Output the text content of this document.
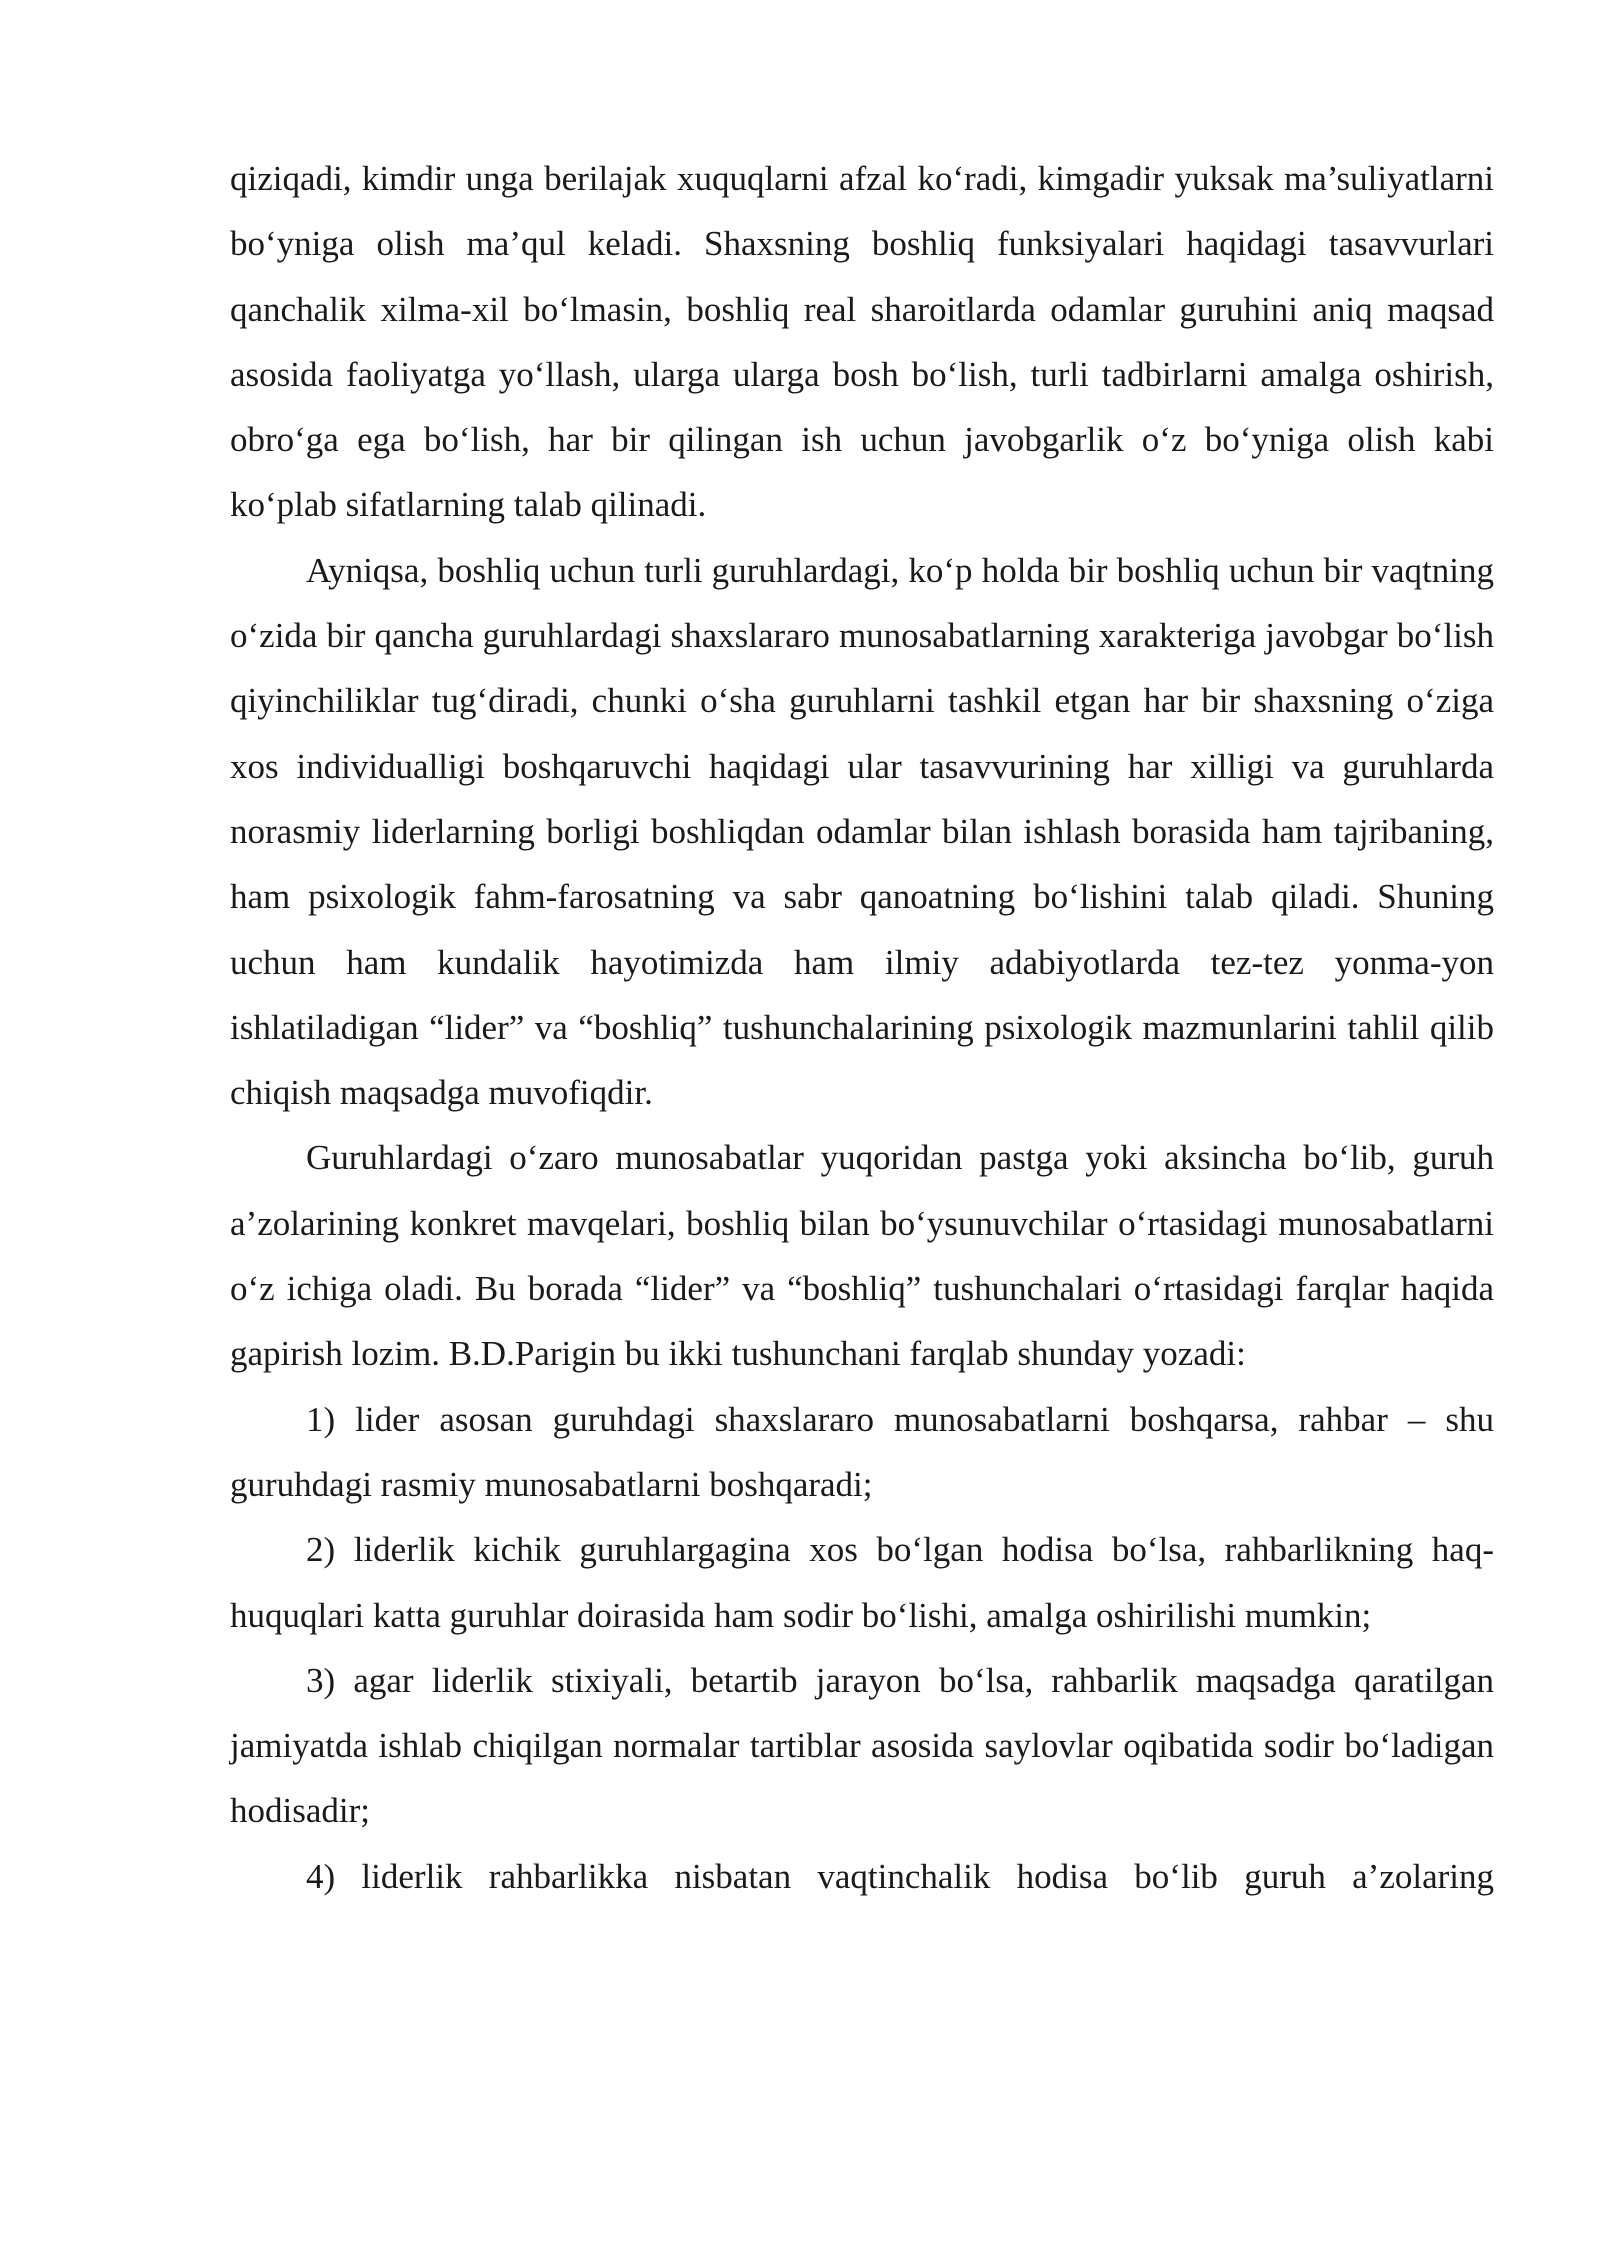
qiziqadi, kimdir unga berilajak xuquqlarni afzal ko‘radi, kimgadir yuksak ma’suliyatlarni bo‘yniga olish ma’qul keladi. Shaxsning boshliq funksiyalari haqidagi tasavvurlari qanchalik xilma-xil bo‘lmasin, boshliq real sharoitlarda odamlar guruhini aniq maqsad asosida faoliyatga yo‘llash, ularga ularga bosh bo‘lish, turli tadbirlarni amalga oshirish, obro‘ga ega bo‘lish, har bir qilingan ish uchun javobgarlik o‘z bo‘yniga olish kabi ko‘plab sifatlarning talab qilinadi.

Ayniqsa, boshliq uchun turli guruhlardagi, ko‘p holda bir boshliq uchun bir vaqtning o‘zida bir qancha guruhlardagi shaxslararo munosabatlarning xarakteriga javobgar bo‘lish qiyinchiliklar tug‘diradi, chunki o‘sha guruhlarni tashkil etgan har bir shaxsning o‘ziga xos individualligi boshqaruvchi haqidagi ular tasavvurining har xilligi va guruhlarda norasmiy liderlarning borligi boshliqdan odamlar bilan ishlash borasida ham tajribaning, ham psixologik fahm-farosatning va sabr qanoatning bo‘lishini talab qiladi. Shuning uchun ham kundalik hayotimizda ham ilmiy adabiyotlarda tez-tez yonma-yon ishlatiladigan “lider” va “boshliq” tushunchalarining psixologik mazmunlarini tahlil qilib chiqish maqsadga muvofiqdir.

Guruhlardagi o‘zaro munosabatlar yuqoridan pastga yoki aksincha bo‘lib, guruh a’zolarining konkret mavqelari, boshliq bilan bo‘ysunuvchilar o‘rtasidagi munosabatlarni o‘z ichiga oladi. Bu borada “lider” va “boshliq” tushunchalari o‘rtasidagi farqlar haqida gapirish lozim. B.D.Parigin bu ikki tushunchani farqlab shunday yozadi:

1) lider asosan guruhdagi shaxslararo munosabatlarni boshqarsa, rahbar – shu guruhdagi rasmiy munosabatlarni boshqaradi;

2) liderlik kichik guruhlargagina xos bo‘lgan hodisa bo‘lsa, rahbarlikning haq-huquqlari katta guruhlar doirasida ham sodir bo‘lishi, amalga oshirilishi mumkin;

3) agar liderlik stixiyali, betartib jarayon bo‘lsa, rahbarlik maqsadga qaratilgan jamiyatda ishlab chiqilgan normalar tartiblar asosida saylovlar oqibatida sodir bo‘ladigan hodisadir;

4) liderlik rahbarlikka nisbatan vaqtinchalik hodisa bo‘lib guruh a’zolaring
